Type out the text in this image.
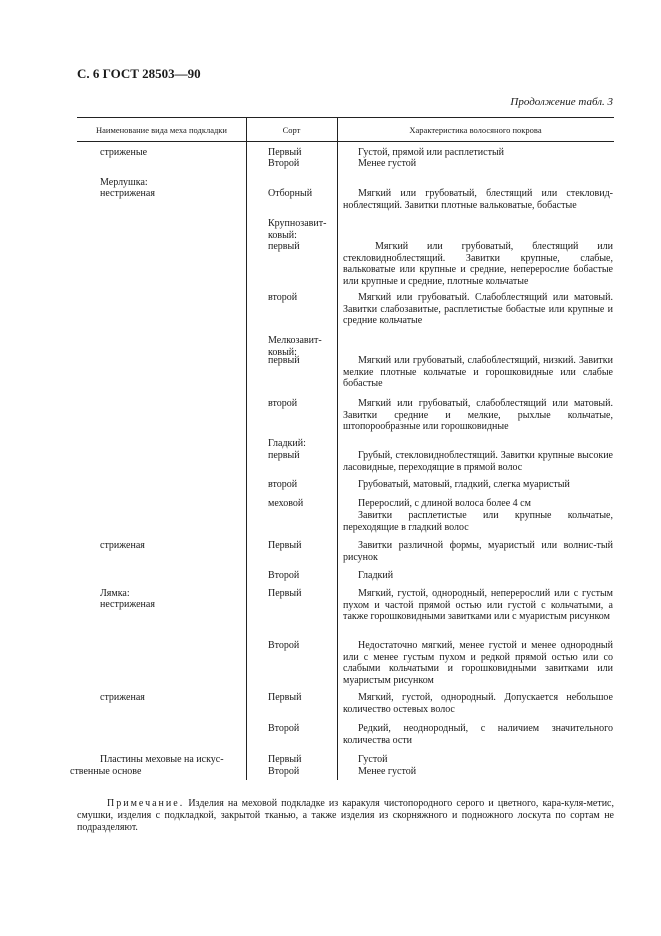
С. 6 ГОСТ 28503—90
Продолжение табл. 3
Наименование вида меха подкладки	Сорт	Характеристика волосяного покрова
стриженые	Первый	Густой, прямой или расплетистый
Второй	Менее густой
Мерлушка:
нестриженая	Отборный	Мягкий или грубоватый, блестящий или стекловид-ноблестящий. Завитки плотные вальковатые, бобастые
Крупнозавит-ковый:
первый	Мягкий или грубоватый, блестящий или стекловидноблестящий. Завитки крупные, слабые, вальковатые или крупные и средние, неперерослие бобастые или крупные и средние, плотные кольчатые
второй	Мягкий или грубоватый. Слабоблестящий или матовый. Завитки слабозавитые, расплетистые бобастые или крупные и средние кольчатые
Мелкозавит-ковый:
первый	Мягкий или грубоватый, слабоблестящий, низкий. Завитки мелкие плотные кольчатые и горошковидные или слабые бобастые
второй	Мягкий или грубоватый, слабоблестящий или матовый. Завитки средние и мелкие, рыхлые кольчатые, штопорообразные или горошковидные
Гладкий:
первый	Грубый, стекловидноблестящий. Завитки крупные высокие ласовидные, переходящие в прямой волос
второй	Грубоватый, матовый, гладкий, слегка муаристый
меховой	Перерослий, с длиной волоса более 4 см
Завитки расплетистые или крупные кольчатые, переходящие в гладкий волос
стриженая	Первый	Завитки различной формы, муаристый или волнис-тый рисунок
Второй	Гладкий
Лямка:
нестриженая
Первый	Мягкий, густой, однородный, неперерослий или с густым пухом и частой прямой остью или густой с кольчатыми, а также горошковидными завитками или с муаристым рисунком
Второй	Недостаточно мягкий, менее густой и менее однородный или с менее густым пухом и редкой прямой остью или со слабыми кольчатыми и горошковидными завитками или муаристым рисунком
стриженая	Первый	Мягкий, густой, однородный. Допускается небольшое количество остевых волос
Второй	Редкий, неоднородный, с наличием значительного количества ости
Пластины меховые на искус-ственные основе
Первый	Густой
Второй	Менее густой
Примечание. Изделия на меховой подкладке из каракуля чистопородного серого и цветного, кара-куля-метис, смушки, изделия с подкладкой, закрытой тканью, а также изделия из скорняжного и подножного лоскута по сортам не подразделяют.
